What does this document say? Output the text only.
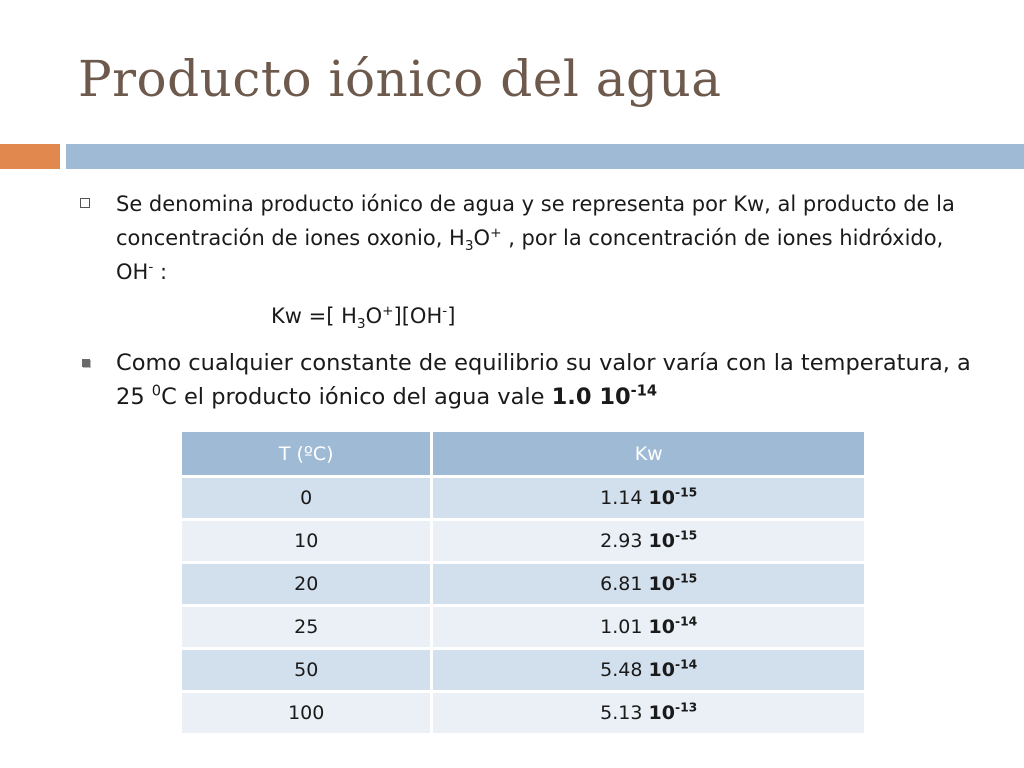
Producto iónico del agua
Se denomina producto iónico de agua y se representa por Kw, al producto de la concentración de iones oxonio, $H_3O^+$ , por la concentración de iones hidróxido, OH- :
Kw =[ $H_3O^+][OH^-]$
Como cualquier constante de equilibrio su valor varía con la temperatura, a 25 $^0$C el producto iónico del agua vale 1.0 $10^{-14}$
T (ºC)	Kw
0	1.14 $10^{-15}$
10	2.93 $10^{-15}$
20	6.81 $10^{-15}$
25	1.01 $10^{-14}$
50	5.48 $10^{-14}$
100	5.13 $10^{-13}$
